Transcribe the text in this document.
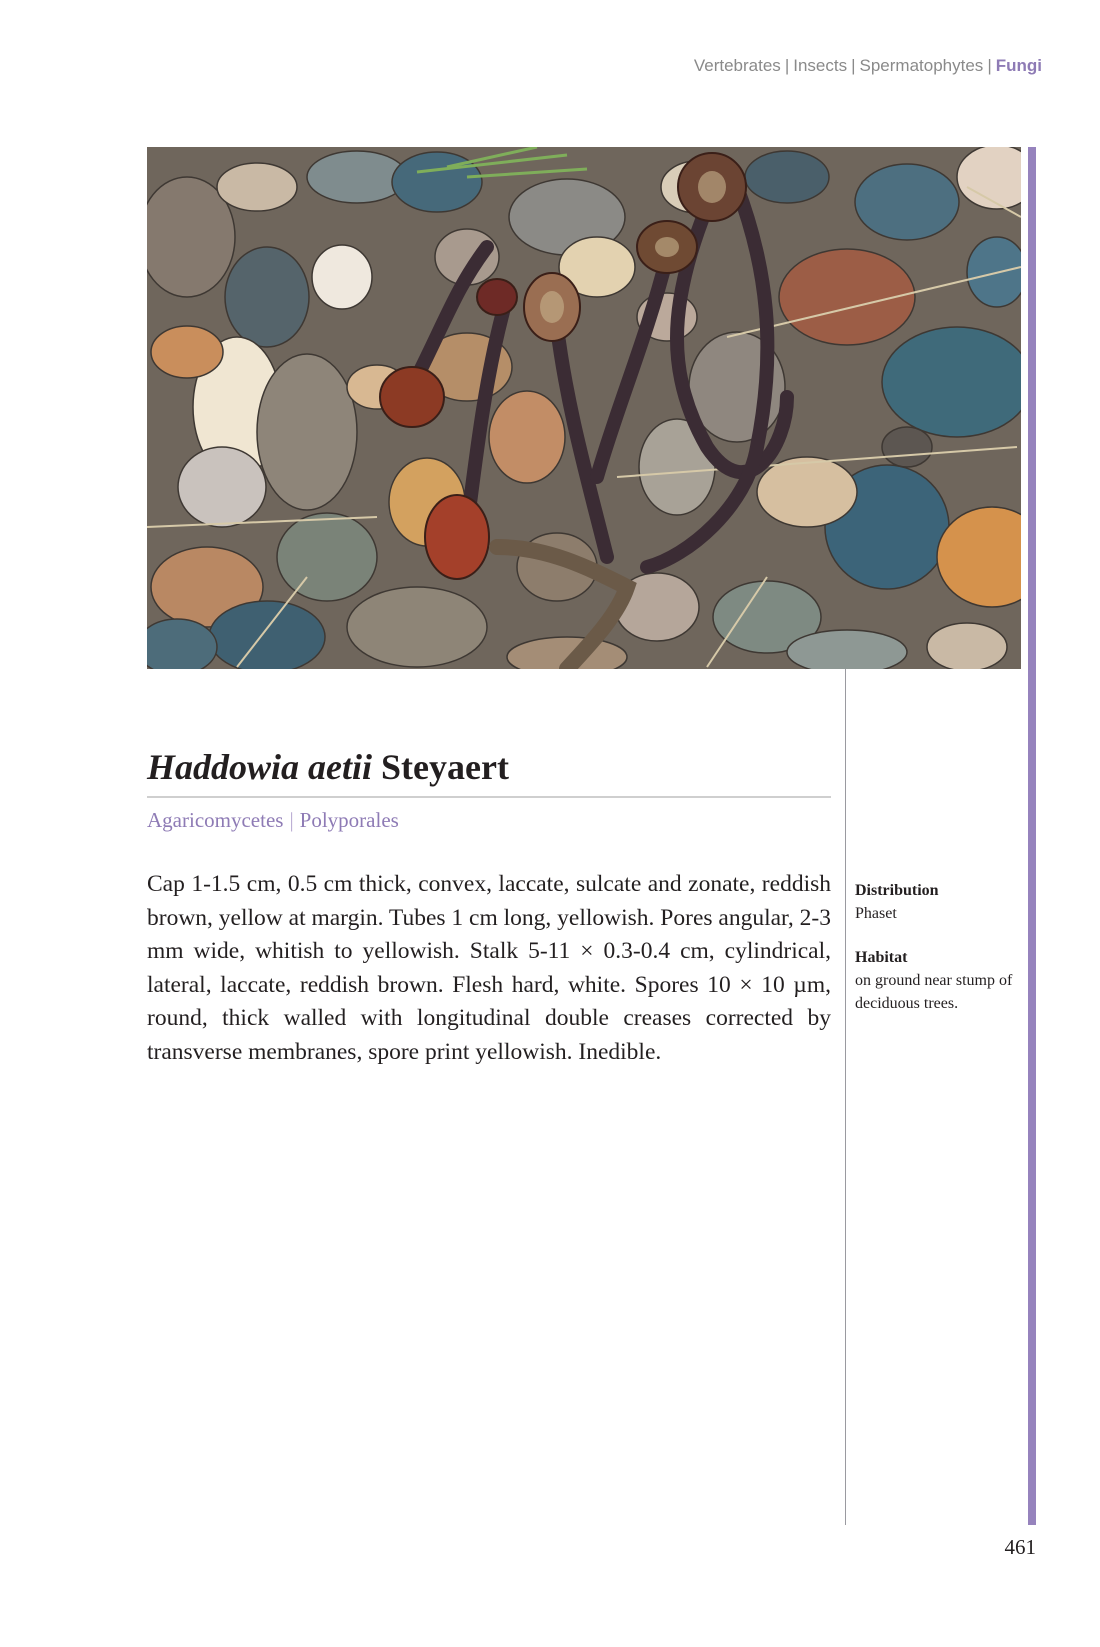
Vertebrates | Insects | Spermatophytes | Fungi
Haddowia aetii Steyaert
Agaricomycetes | Polyporales
Cap 1-1.5 cm, 0.5 cm thick, convex, laccate, sulcate and zonate, reddish brown, yellow at margin. Tubes 1 cm long, yellowish. Pores angular, 2-3 mm wide, whitish to yellowish. Stalk 5-11 × 0.3-0.4 cm, cylindrical, lateral, laccate, reddish brown. Flesh hard, white. Spores 10 × 10 µm, round, thick walled with longitudinal double creases corrected by transverse membranes, spore print yellowish. Inedible.
Distribution
Phaset
Habitat
on ground near stump of deciduous trees.
461
